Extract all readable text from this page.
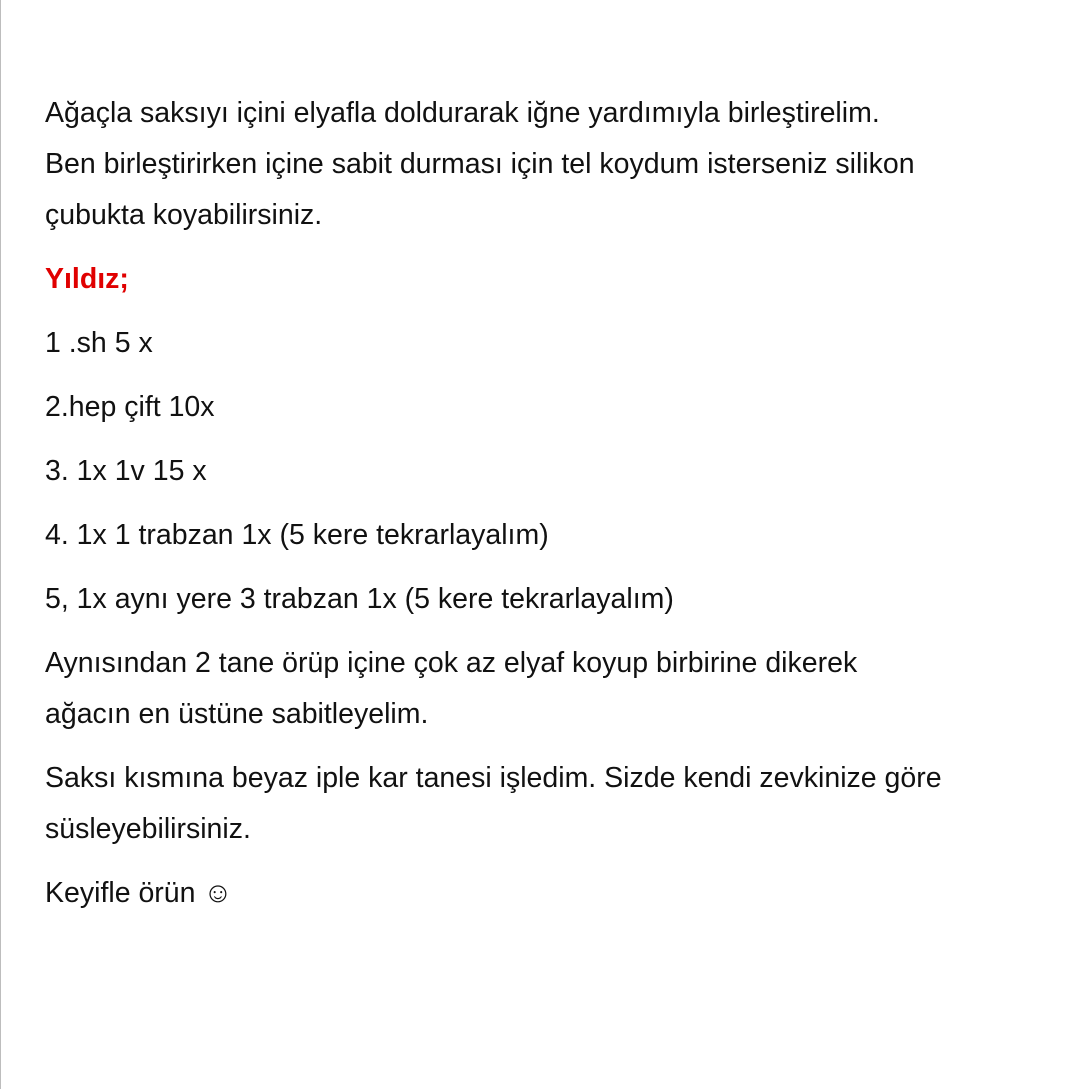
Ağaçla saksıyı içini elyafla doldurarak iğne yardımıyla birleştirelim.
Ben birleştirirken içine sabit durması için tel koydum isterseniz silikon
çubukta koyabilirsiniz.

Yıldız;

1 .sh 5 x

2.hep çift 10x

3. 1x 1v 15 x

4. 1x 1 trabzan 1x (5 kere tekrarlayalım)

5, 1x aynı yere 3 trabzan 1x (5 kere tekrarlayalım)

Aynısından 2 tane örüp içine çok az elyaf koyup birbirine dikerek
ağacın en üstüne sabitleyelim.

Saksı kısmına beyaz iple kar tanesi işledim. Sizde kendi zevkinize göre
süsleyebilirsiniz.

Keyifle örün ☺
